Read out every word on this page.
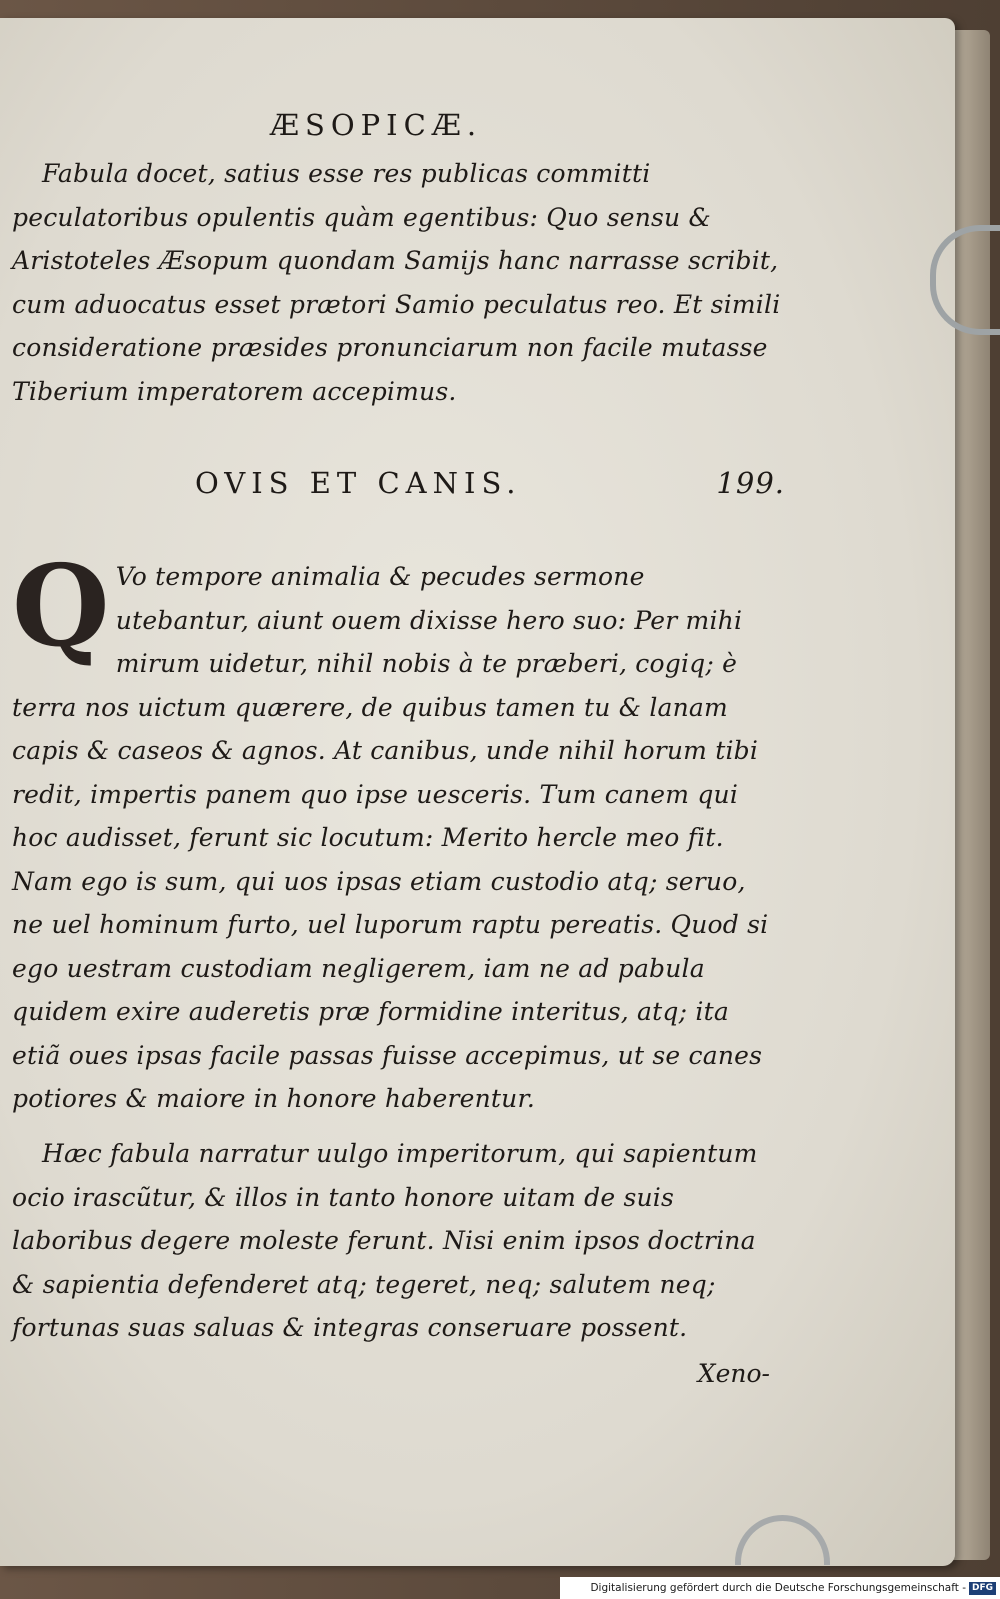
ÆSOPICÆ.
Fabula docet, satius esse res publicas committi peculatoribus opulentis quàm egentibus: Quo sensu & Aristoteles Æsopum quondam Samijs hanc narrasse scribit, cum aduocatus esset prætori Samio peculatus reo. Et simili consideratione præsides pronunciarum non facile mutasse Tiberium imperatorem accepimus.
OVIS ET CANIS.	199.
Q Vo tempore animalia & pecudes sermone utebantur, aiunt ouem dixisse hero suo: Per mihi mirum uidetur, nihil nobis à te præberi, cogiq; è terra nos uictum quærere, de quibus tamen tu & lanam capis & caseos & agnos. At canibus, unde nihil horum tibi redit, impertis panem quo ipse uesceris. Tum canem qui hoc audisset, ferunt sic locutum: Merito hercle meo fit. Nam ego is sum, qui uos ipsas etiam custodio atq; seruo, ne uel hominum furto, uel luporum raptu pereatis. Quod si ego uestram custodiam negligerem, iam ne ad pabula quidem exire auderetis præ formidine interitus, atq; ita etiã oues ipsas facile passas fuisse accepimus, ut se canes potiores & maiore in honore haberentur.
Hæc fabula narratur uulgo imperitorum, qui sapientum ocio irascũtur, & illos in tanto honore uitam de suis laboribus degere moleste ferunt. Nisi enim ipsos doctrina & sapientia defenderet atq; tegeret, neq; salutem neq; fortunas suas saluas & integras conseruare possent.
Xeno-
Digitalisierung gefördert durch die Deutsche Forschungsgemeinschaft - DFG
